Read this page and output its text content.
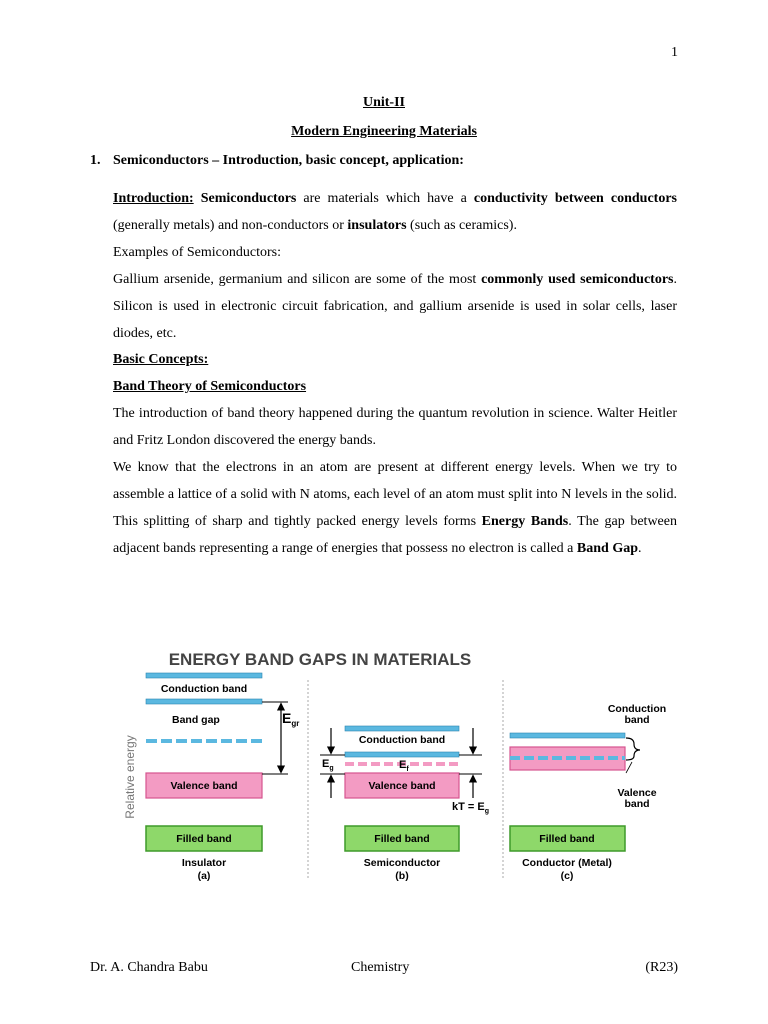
1
Unit-II
Modern Engineering Materials
1. Semiconductors – Introduction, basic concept, application:

Introduction: Semiconductors are materials which have a conductivity between conductors (generally metals) and non-conductors or insulators (such as ceramics).

Examples of Semiconductors:

Gallium arsenide, germanium and silicon are some of the most commonly used semiconductors. Silicon is used in electronic circuit fabrication, and gallium arsenide is used in solar cells, laser diodes, etc.

Basic Concepts:

Band Theory of Semiconductors

The introduction of band theory happened during the quantum revolution in science. Walter Heitler and Fritz London discovered the energy bands.

We know that the electrons in an atom are present at different energy levels. When we try to assemble a lattice of a solid with N atoms, each level of an atom must split into N levels in the solid. This splitting of sharp and tightly packed energy levels forms Energy Bands. The gap between adjacent bands representing a range of energies that possess no electron is called a Band Gap.

ENERGY BAND GAPS IN MATERIALS
Relative energy
Conduction band
Band gap
Valence band
$E_{gr}$
Filled band
Insulator
(a)
Conduction band
$E_f$
Valence band
$E_g$
kT = $E_g$
Filled band
Semiconductor
(b)
Conduction
band
Valence
band
Filled band
Conductor (Metal)
(c)
Dr. A. Chandra Babu	Chemistry	(R23)
